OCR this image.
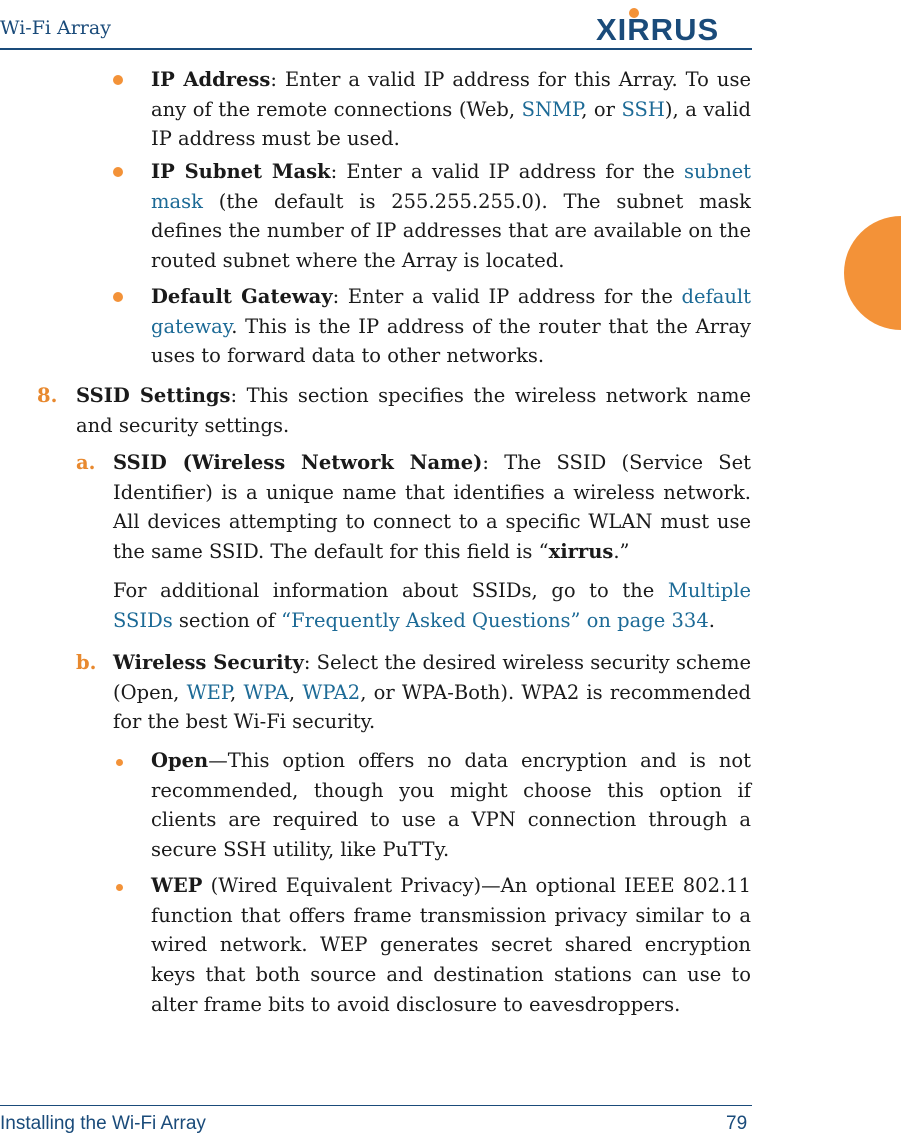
Wi-Fi Array	XIRRUS

IP Address: Enter a valid IP address for this Array. To use any of the remote connections (Web, SNMP, or SSH), a valid IP address must be used.

IP Subnet Mask: Enter a valid IP address for the subnet mask (the default is 255.255.255.0). The subnet mask defines the number of IP addresses that are available on the routed subnet where the Array is located.

Default Gateway: Enter a valid IP address for the default gateway. This is the IP address of the router that the Array uses to forward data to other networks.

8. SSID Settings: This section specifies the wireless network name and security settings.

a. SSID (Wireless Network Name): The SSID (Service Set Identifier) is a unique name that identifies a wireless network. All devices attempting to connect to a specific WLAN must use the same SSID. The default for this field is “xirrus.”

For additional information about SSIDs, go to the Multiple SSIDs section of “Frequently Asked Questions” on page 334.

b. Wireless Security: Select the desired wireless security scheme (Open, WEP, WPA, WPA2, or WPA-Both). WPA2 is recommended for the best Wi-Fi security.

Open—This option offers no data encryption and is not recommended, though you might choose this option if clients are required to use a VPN connection through a secure SSH utility, like PuTTy.

WEP (Wired Equivalent Privacy)—An optional IEEE 802.11 function that offers frame transmission privacy similar to a wired network. WEP generates secret shared encryption keys that both source and destination stations can use to alter frame bits to avoid disclosure to eavesdroppers.

Installing the Wi-Fi Array	79
